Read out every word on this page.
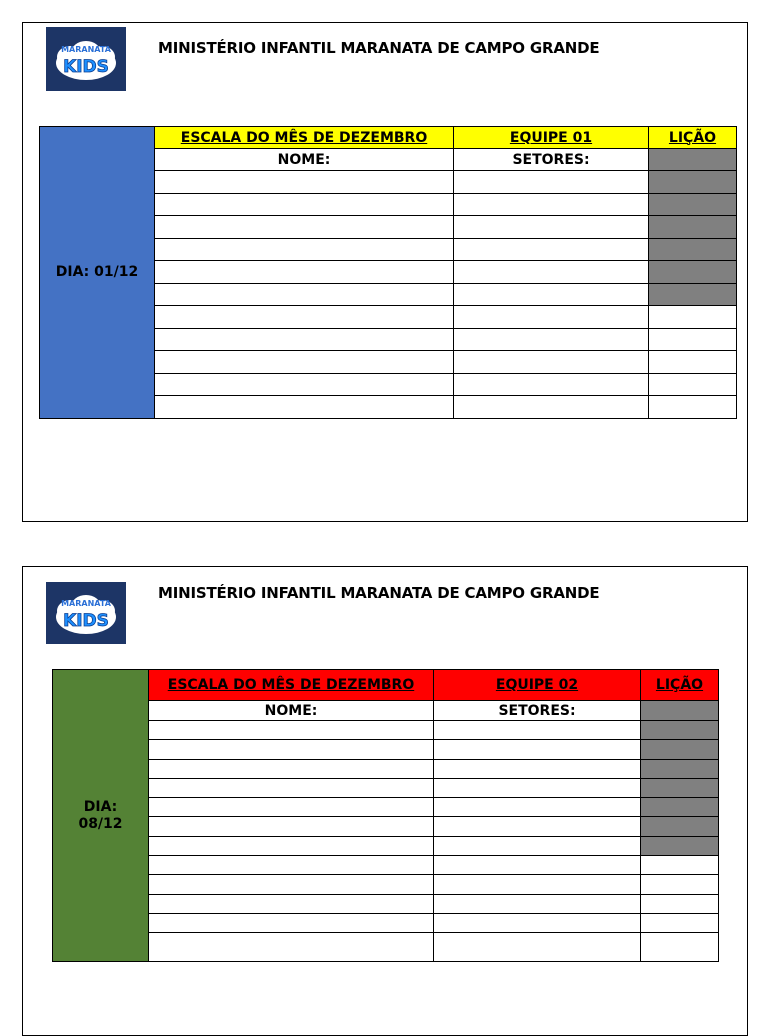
MARANATA
KIDS
MINISTÉRIO INFANTIL MARANATA DE CAMPO GRANDE
DIA: 01/12	ESCALA DO MÊS DE DEZEMBRO	EQUIPE 01	LIÇÃO
	NOME:	SETORES:	

MARANATA
KIDS
MINISTÉRIO INFANTIL MARANATA DE CAMPO GRANDE
DIA:
08/12	ESCALA DO MÊS DE DEZEMBRO	EQUIPE 02	LIÇÃO
	NOME:	SETORES:	
